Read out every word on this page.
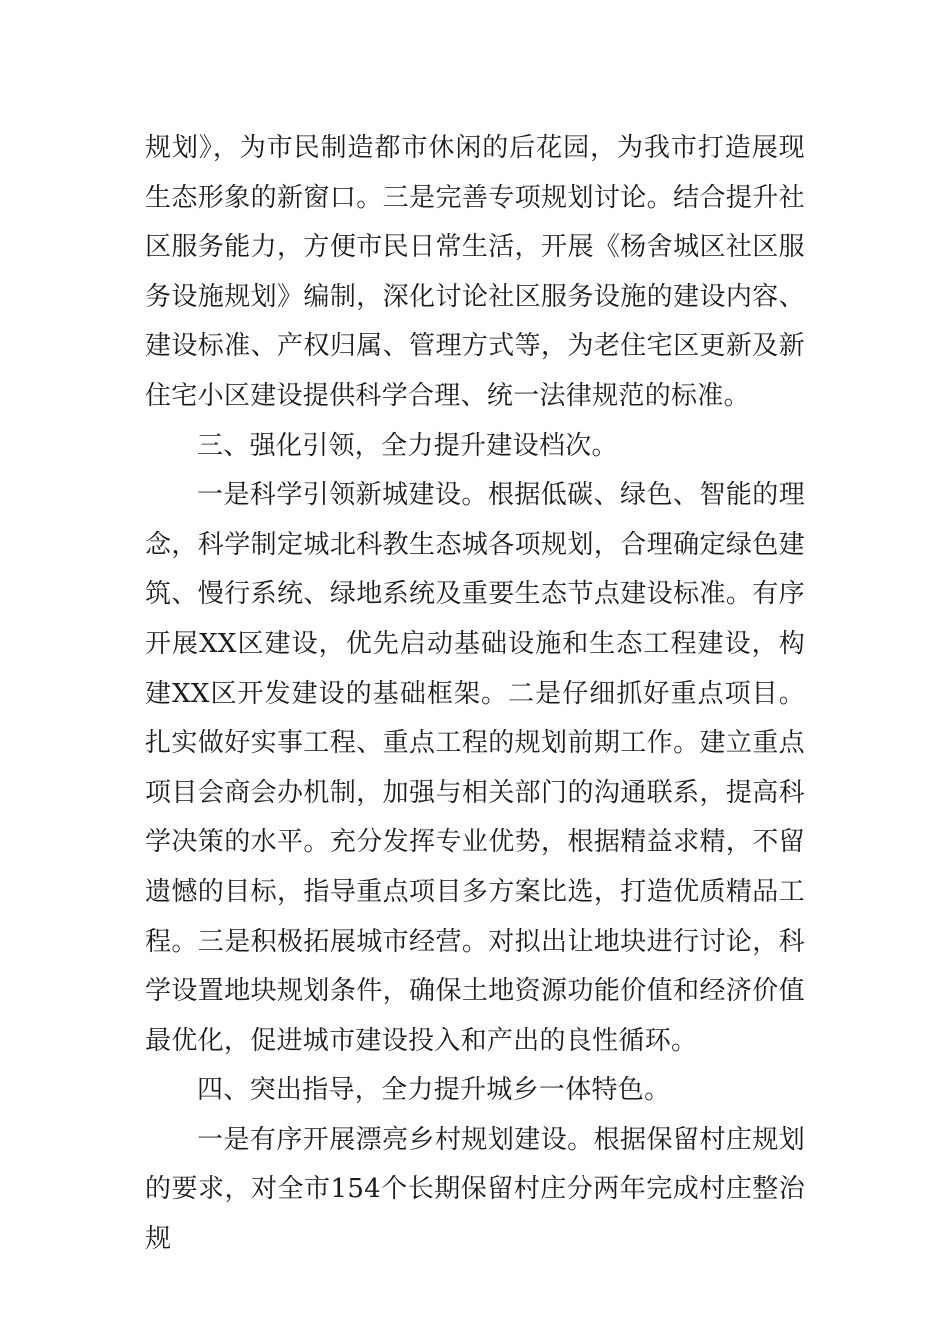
规划》，为市民制造都市休闲的后花园，为我市打造展现生态形象的新窗口。三是完善专项规划讨论。结合提升社区服务能力，方便市民日常生活，开展《杨舍城区社区服务设施规划》编制，深化讨论社区服务设施的建设内容、建设标准、产权归属、管理方式等，为老住宅区更新及新住宅小区建设提供科学合理、统一法律规范的标准。

三、强化引领，全力提升建设档次。

一是科学引领新城建设。根据低碳、绿色、智能的理念，科学制定城北科教生态城各项规划，合理确定绿色建筑、慢行系统、绿地系统及重要生态节点建设标准。有序开展XX区建设，优先启动基础设施和生态工程建设，构建XX区开发建设的基础框架。二是仔细抓好重点项目。扎实做好实事工程、重点工程的规划前期工作。建立重点项目会商会办机制，加强与相关部门的沟通联系，提高科学决策的水平。充分发挥专业优势，根据精益求精，不留遗憾的目标，指导重点项目多方案比选，打造优质精品工程。三是积极拓展城市经营。对拟出让地块进行讨论，科学设置地块规划条件，确保土地资源功能价值和经济价值最优化，促进城市建设投入和产出的良性循环。

四、突出指导，全力提升城乡一体特色。

一是有序开展漂亮乡村规划建设。根据保留村庄规划的要求，对全市154个长期保留村庄分两年完成村庄整治规
